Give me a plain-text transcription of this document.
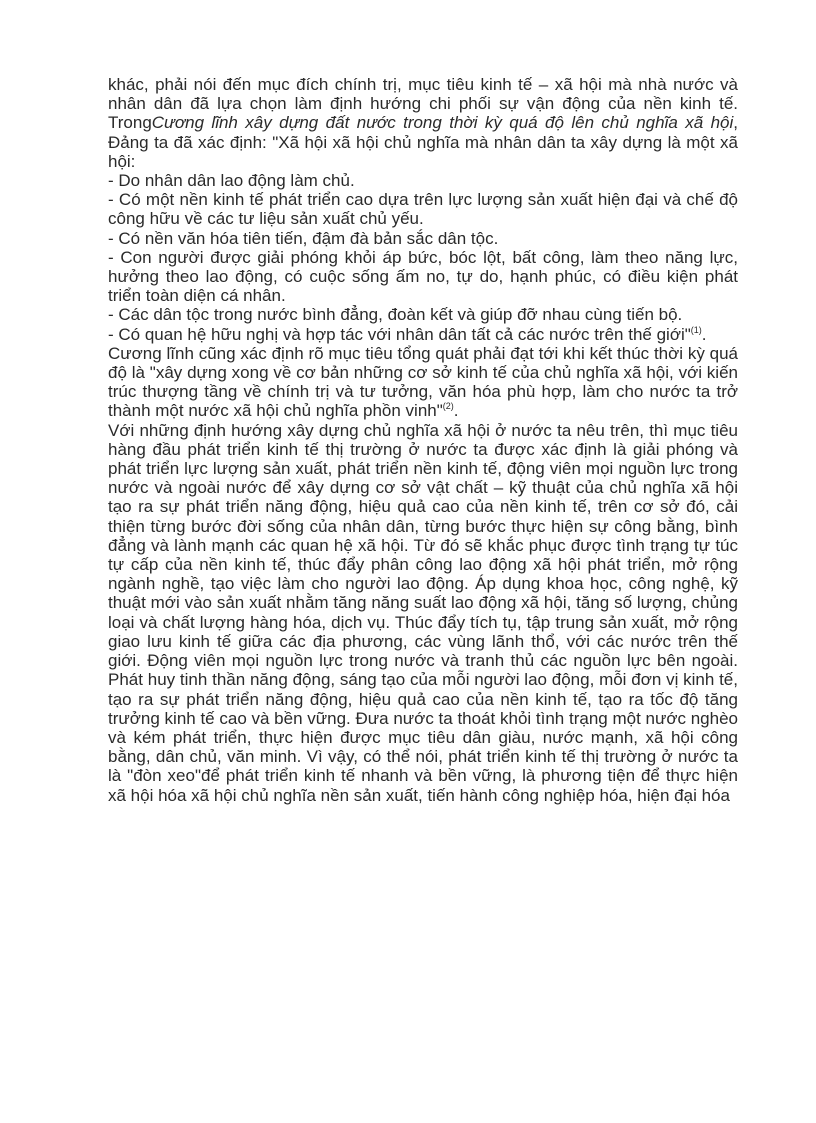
khác, phải nói đến mục đích chính trị, mục tiêu kinh tế – xã hội mà nhà nước và nhân dân đã lựa chọn làm định hướng chi phối sự vận động của nền kinh tế. TrongCương lĩnh xây dựng đất nước trong thời kỳ quá độ lên chủ nghĩa xã hội, Đảng ta đã xác định: "Xã hội xã hội chủ nghĩa mà nhân dân ta xây dựng là một xã hội:

- Do nhân dân lao động làm chủ.

- Có một nền kinh tế phát triển cao dựa trên lực lượng sản xuất hiện đại và chế độ công hữu về các tư liệu sản xuất chủ yếu.

- Có nền văn hóa tiên tiến, đậm đà bản sắc dân tộc.

- Con người được giải phóng khỏi áp bức, bóc lột, bất công, làm theo năng lực, hưởng theo lao động, có cuộc sống ấm no, tự do, hạnh phúc, có điều kiện phát triển toàn diện cá nhân.

- Các dân tộc trong nước bình đẳng, đoàn kết và giúp đỡ nhau cùng tiến bộ.

- Có quan hệ hữu nghị và hợp tác với nhân dân tất cả các nước trên thế giới"$^{(1)}$.

Cương lĩnh cũng xác định rõ mục tiêu tổng quát phải đạt tới khi kết thúc thời kỳ quá độ là "xây dựng xong về cơ bản những cơ sở kinh tế của chủ nghĩa xã hội, với kiến trúc thượng tầng về chính trị và tư tưởng, văn hóa phù hợp, làm cho nước ta trở thành một nước xã hội chủ nghĩa phồn vinh"$^{(2)}$.

Với những định hướng xây dựng chủ nghĩa xã hội ở nước ta nêu trên, thì mục tiêu hàng đầu phát triển kinh tế thị trường ở nước ta được xác định là giải phóng và phát triển lực lượng sản xuất, phát triển nền kinh tế, động viên mọi nguồn lực trong nước và ngoài nước để xây dựng cơ sở vật chất – kỹ thuật của chủ nghĩa xã hội tạo ra sự phát triển năng động, hiệu quả cao của nền kinh tế, trên cơ sở đó, cải thiện từng bước đời sống của nhân dân, từng bước thực hiện sự công bằng, bình đẳng và lành mạnh các quan hệ xã hội. Từ đó sẽ khắc phục được tình trạng tự túc tự cấp của nền kinh tế, thúc đẩy phân công lao động xã hội phát triển, mở rộng ngành nghề, tạo việc làm cho người lao động. Áp dụng khoa học, công nghệ, kỹ thuật mới vào sản xuất nhằm tăng năng suất lao động xã hội, tăng số lượng, chủng loại và chất lượng hàng hóa, dịch vụ. Thúc đẩy tích tụ, tập trung sản xuất, mở rộng giao lưu kinh tế giữa các địa phương, các vùng lãnh thổ, với các nước trên thế giới. Động viên mọi nguồn lực trong nước và tranh thủ các nguồn lực bên ngoài. Phát huy tinh thần năng động, sáng tạo của mỗi người lao động, mỗi đơn vị kinh tế, tạo ra sự phát triển năng động, hiệu quả cao của nền kinh tế, tạo ra tốc độ tăng trưởng kinh tế cao và bền vững. Đưa nước ta thoát khỏi tình trạng một nước nghèo và kém phát triển, thực hiện được mục tiêu dân giàu, nước mạnh, xã hội công bằng, dân chủ, văn minh. Vì vậy, có thể nói, phát triển kinh tế thị trường ở nước ta là "đòn xeo"để phát triển kinh tế nhanh và bền vững, là phương tiện để thực hiện xã hội hóa xã hội chủ nghĩa nền sản xuất, tiến hành công nghiệp hóa, hiện đại hóa
